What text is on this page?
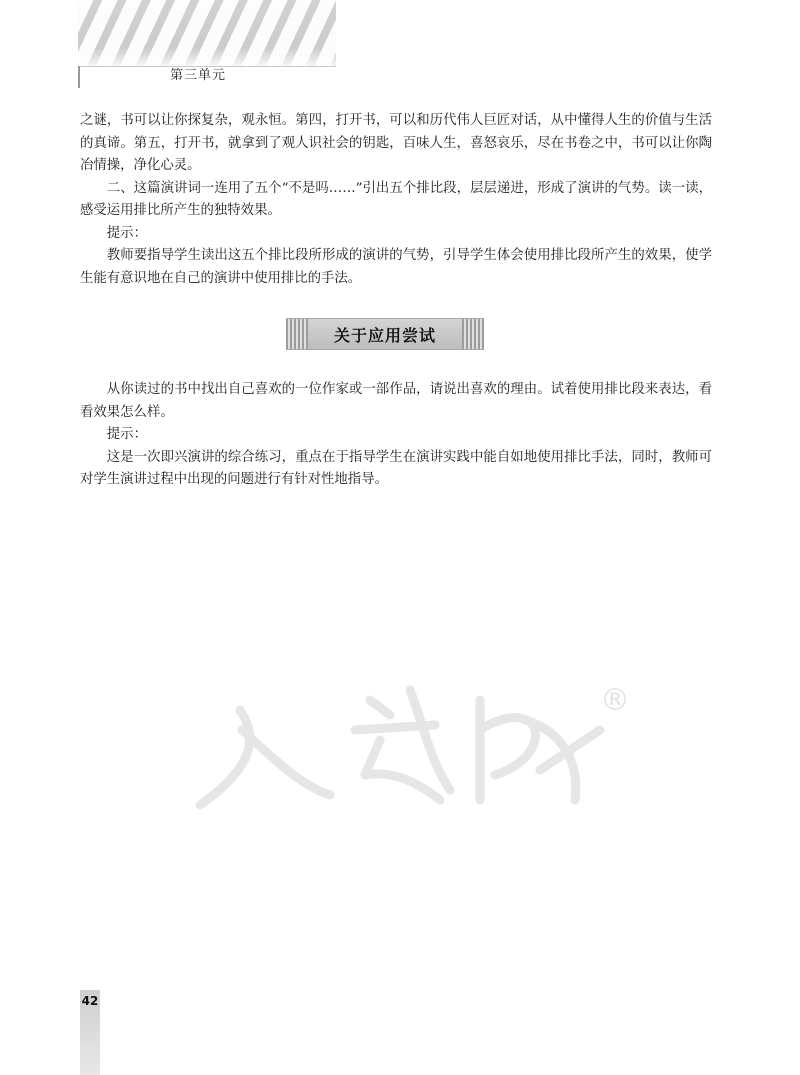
第三单元

之谜，书可以让你探复杂，观永恒。第四，打开书，可以和历代伟人巨匠对话，从中懂得人生的价值与生活的真谛。第五，打开书，就拿到了观人识社会的钥匙，百味人生，喜怒哀乐，尽在书卷之中，书可以让你陶冶情操，净化心灵。

二、这篇演讲词一连用了五个“不是吗……”引出五个排比段，层层递进，形成了演讲的气势。读一读，感受运用排比所产生的独特效果。

提示：

教师要指导学生读出这五个排比段所形成的演讲的气势，引导学生体会使用排比段所产生的效果，使学生能有意识地在自己的演讲中使用排比的手法。

关于应用尝试

从你读过的书中找出自己喜欢的一位作家或一部作品，请说出喜欢的理由。试着使用排比段来表达，看看效果怎么样。

提示：

这是一次即兴演讲的综合练习，重点在于指导学生在演讲实践中能自如地使用排比手法，同时，教师可对学生演讲过程中出现的问题进行有针对性地指导。

®
42
